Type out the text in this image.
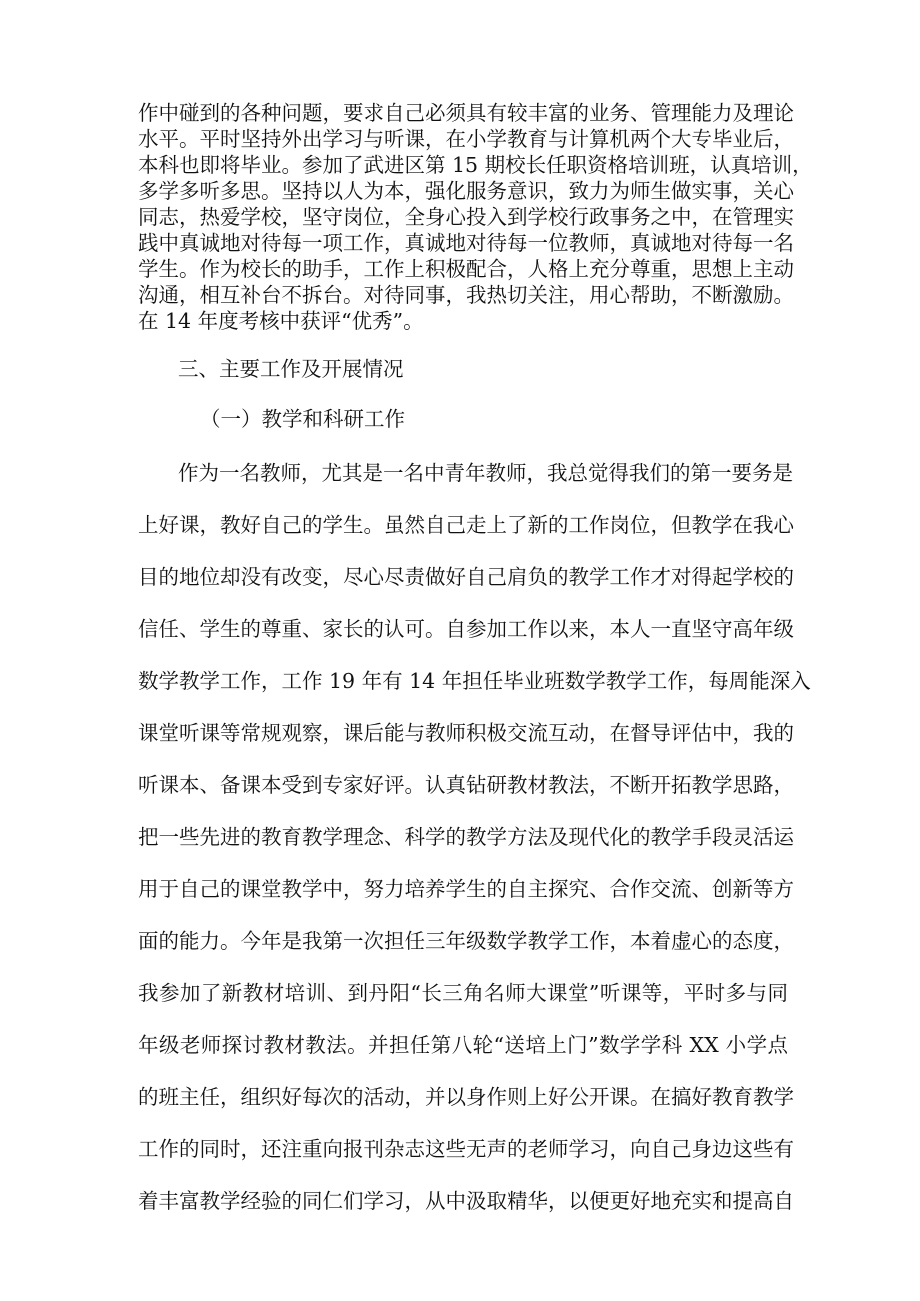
作中碰到的各种问题，要求自己必须具有较丰富的业务、管理能力及理论
水平。平时坚持外出学习与听课，在小学教育与计算机两个大专毕业后，
本科也即将毕业。参加了武进区第 15 期校长任职资格培训班，认真培训，
多学多听多思。坚持以人为本，强化服务意识，致力为师生做实事，关心
同志，热爱学校，坚守岗位，全身心投入到学校行政事务之中，在管理实
践中真诚地对待每一项工作，真诚地对待每一位教师，真诚地对待每一名
学生。作为校长的助手，工作上积极配合，人格上充分尊重，思想上主动
沟通，相互补台不拆台。对待同事，我热切关注，用心帮助，不断激励。
在 14 年度考核中获评“优秀”。
三、主要工作及开展情况
（一）教学和科研工作
作为一名教师，尤其是一名中青年教师，我总觉得我们的第一要务是
上好课，教好自己的学生。虽然自己走上了新的工作岗位，但教学在我心
目的地位却没有改变，尽心尽责做好自己肩负的教学工作才对得起学校的
信任、学生的尊重、家长的认可。自参加工作以来，本人一直坚守高年级
数学教学工作，工作 19 年有 14 年担任毕业班数学教学工作，每周能深入
课堂听课等常规观察，课后能与教师积极交流互动，在督导评估中，我的
听课本、备课本受到专家好评。认真钻研教材教法，不断开拓教学思路，
把一些先进的教育教学理念、科学的教学方法及现代化的教学手段灵活运
用于自己的课堂教学中，努力培养学生的自主探究、合作交流、创新等方
面的能力。今年是我第一次担任三年级数学教学工作，本着虚心的态度，
我参加了新教材培训、到丹阳“长三角名师大课堂”听课等，平时多与同
年级老师探讨教材教法。并担任第八轮“送培上门”数学学科 XX 小学点
的班主任，组织好每次的活动，并以身作则上好公开课。在搞好教育教学
工作的同时，还注重向报刊杂志这些无声的老师学习，向自己身边这些有
着丰富教学经验的同仁们学习，从中汲取精华，以便更好地充实和提高自
